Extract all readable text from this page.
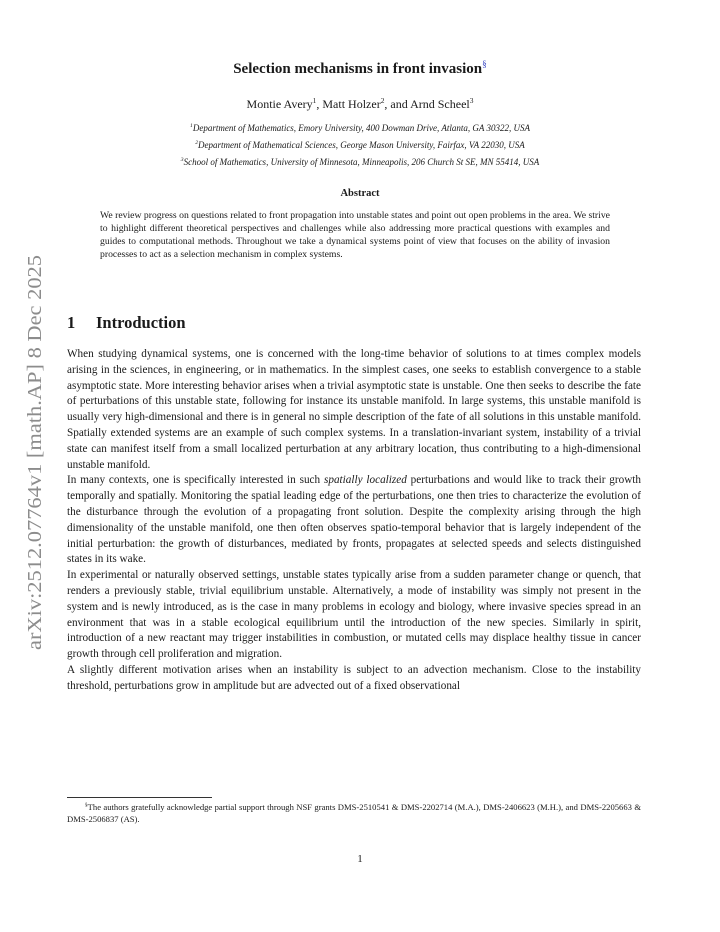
arXiv:2512.07764v1 [math.AP] 8 Dec 2025
Selection mechanisms in front invasion§
Montie Avery$^1$, Matt Holzer$^2$, and Arnd Scheel$^3$
$^1$Department of Mathematics, Emory University, 400 Dowman Drive, Atlanta, GA 30322, USA
$^2$Department of Mathematical Sciences, George Mason University, Fairfax, VA 22030, USA
$^3$School of Mathematics, University of Minnesota, Minneapolis, 206 Church St SE, MN 55414, USA
Abstract
We review progress on questions related to front propagation into unstable states and point out open problems in the area. We strive to highlight different theoretical perspectives and challenges while also addressing more practical questions with examples and guides to computational methods. Throughout we take a dynamical systems point of view that focuses on the ability of invasion processes to act as a selection mechanism in complex systems.
1 Introduction

When studying dynamical systems, one is concerned with the long-time behavior of solutions to at times complex models arising in the sciences, in engineering, or in mathematics. In the simplest cases, one seeks to establish convergence to a stable asymptotic state. More interesting behavior arises when a trivial asymptotic state is unstable. One then seeks to describe the fate of perturbations of this unstable state, following for instance its unstable manifold. In large systems, this unstable manifold is usually very high-dimensional and there is in general no simple description of the fate of all solutions in this unstable manifold. Spatially extended systems are an example of such complex systems. In a translation-invariant system, instability of a trivial state can manifest itself from a small localized perturbation at any arbitrary location, thus contributing to a high-dimensional unstable manifold.

In many contexts, one is specifically interested in such spatially localized perturbations and would like to track their growth temporally and spatially. Monitoring the spatial leading edge of the perturbations, one then tries to characterize the evolution of the disturbance through the evolution of a propagating front solution. Despite the complexity arising through the high dimensionality of the unstable manifold, one then often observes spatio-temporal behavior that is largely independent of the initial perturbation: the growth of disturbances, mediated by fronts, propagates at selected speeds and selects distinguished states in its wake.

In experimental or naturally observed settings, unstable states typically arise from a sudden parameter change or quench, that renders a previously stable, trivial equilibrium unstable. Alternatively, a mode of instability was simply not present in the system and is newly introduced, as is the case in many problems in ecology and biology, where invasive species spread in an environment that was in a stable ecological equilibrium until the introduction of the new species. Similarly in spirit, introduction of a new reactant may trigger instabilities in combustion, or mutated cells may displace healthy tissue in cancer growth through cell proliferation and migration.

A slightly different motivation arises when an instability is subject to an advection mechanism. Close to the instability threshold, perturbations grow in amplitude but are advected out of a fixed observational

§The authors gratefully acknowledge partial support through NSF grants DMS-2510541 & DMS-2202714 (M.A.), DMS-2406623 (M.H.), and DMS-2205663 & DMS-2506837 (AS).
1
